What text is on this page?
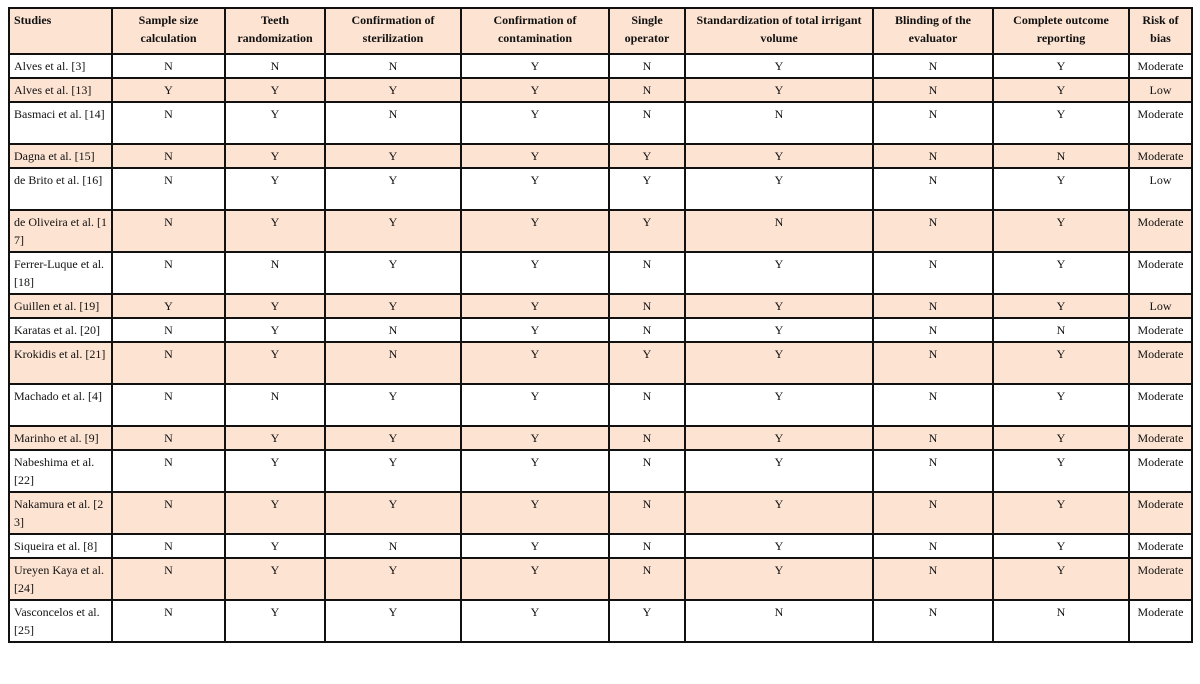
Studies	Sample size calculation	Teeth randomization	Confirmation of sterilization	Confirmation of contamination	Single operator	Standardization of total irrigant volume	Blinding of the evaluator	Complete outcome reporting	Risk of bias
Alves et al. [3]	N	N	N	Y	N	Y	N	Y	Moderate
Alves et al. [13]	Y	Y	Y	Y	N	Y	N	Y	Low
Basmaci et al. [14]	N	Y	N	Y	N	N	N	Y	Moderate
Dagna et al. [15]	N	Y	Y	Y	Y	Y	N	N	Moderate
de Brito et al. [16]	N	Y	Y	Y	Y	Y	N	Y	Low
de Oliveira et al. [17]	N	Y	Y	Y	Y	N	N	Y	Moderate
Ferrer-Luque et al. [18]	N	N	Y	Y	N	Y	N	Y	Moderate
Guillen et al. [19]	Y	Y	Y	Y	N	Y	N	Y	Low
Karatas et al. [20]	N	Y	N	Y	N	Y	N	N	Moderate
Krokidis et al. [21]	N	Y	N	Y	Y	Y	N	Y	Moderate
Machado et al. [4]	N	N	Y	Y	N	Y	N	Y	Moderate
Marinho et al. [9]	N	Y	Y	Y	N	Y	N	Y	Moderate
Nabeshima et al. [22]	N	Y	Y	Y	N	Y	N	Y	Moderate
Nakamura et al. [23]	N	Y	Y	Y	N	Y	N	Y	Moderate
Siqueira et al. [8]	N	Y	N	Y	N	Y	N	Y	Moderate
Ureyen Kaya et al. [24]	N	Y	Y	Y	N	Y	N	Y	Moderate
Vasconcelos et al. [25]	N	Y	Y	Y	Y	N	N	N	Moderate
